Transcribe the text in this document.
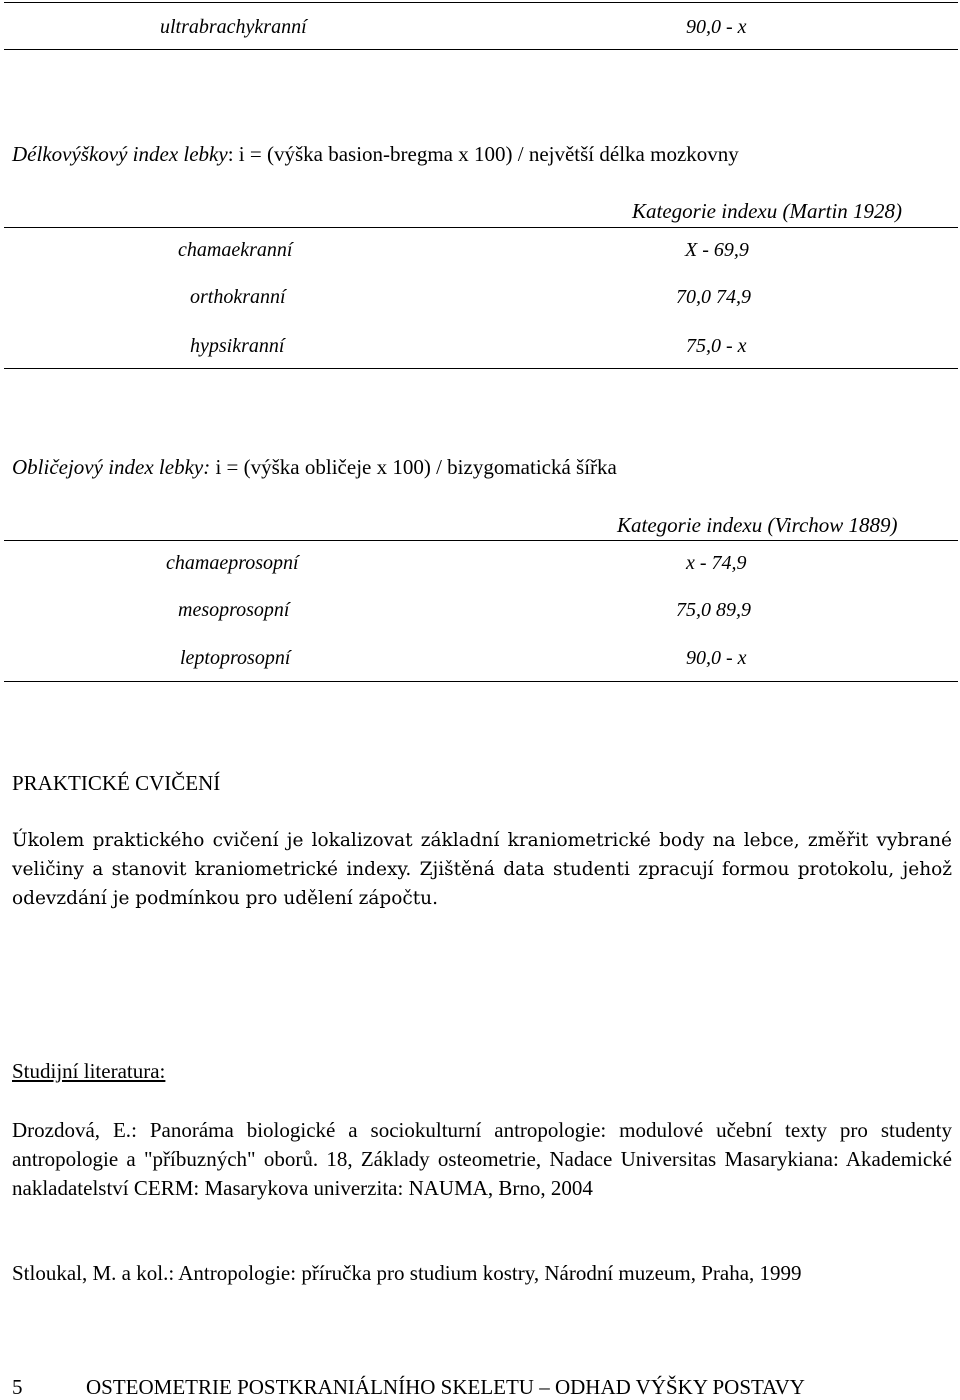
ultrabrachykranní	90,0 - x
Délkovýškový index lebky: i = (výška basion-bregma x 100) / největší délka mozkovny
Kategorie indexu (Martin 1928)
chamaekranní	X - 69,9
orthokranní	70,0 74,9
hypsikranní	75,0 - x
Obličejový index lebky: i = (výška obličeje x 100) / bizygomatická šířka
Kategorie indexu (Virchow 1889)
chamaeprosopní	x - 74,9
mesoprosopní	75,0 89,9
leptoprosopní	90,0 - x
PRAKTICKÉ CVIČENÍ
Úkolem praktického cvičení je lokalizovat základní kraniometrické body na lebce, změřit vybrané veličiny a stanovit kraniometrické indexy. Zjištěná data studenti zpracují formou protokolu, jehož odevzdání je podmínkou pro udělení zápočtu.
Studijní literatura:
Drozdová, E.: Panoráma biologické a sociokulturní antropologie: modulové učební texty pro studenty antropologie a "příbuzných" oborů. 18, Základy osteometrie, Nadace Universitas Masarykiana: Akademické nakladatelství CERM: Masarykova univerzita: NAUMA, Brno, 2004
Stloukal, M. a kol.: Antropologie: příručka pro studium kostry, Národní muzeum, Praha, 1999
5	OSTEOMETRIE POSTKRANIÁLNÍHO SKELETU – ODHAD VÝŠKY POSTAVY
